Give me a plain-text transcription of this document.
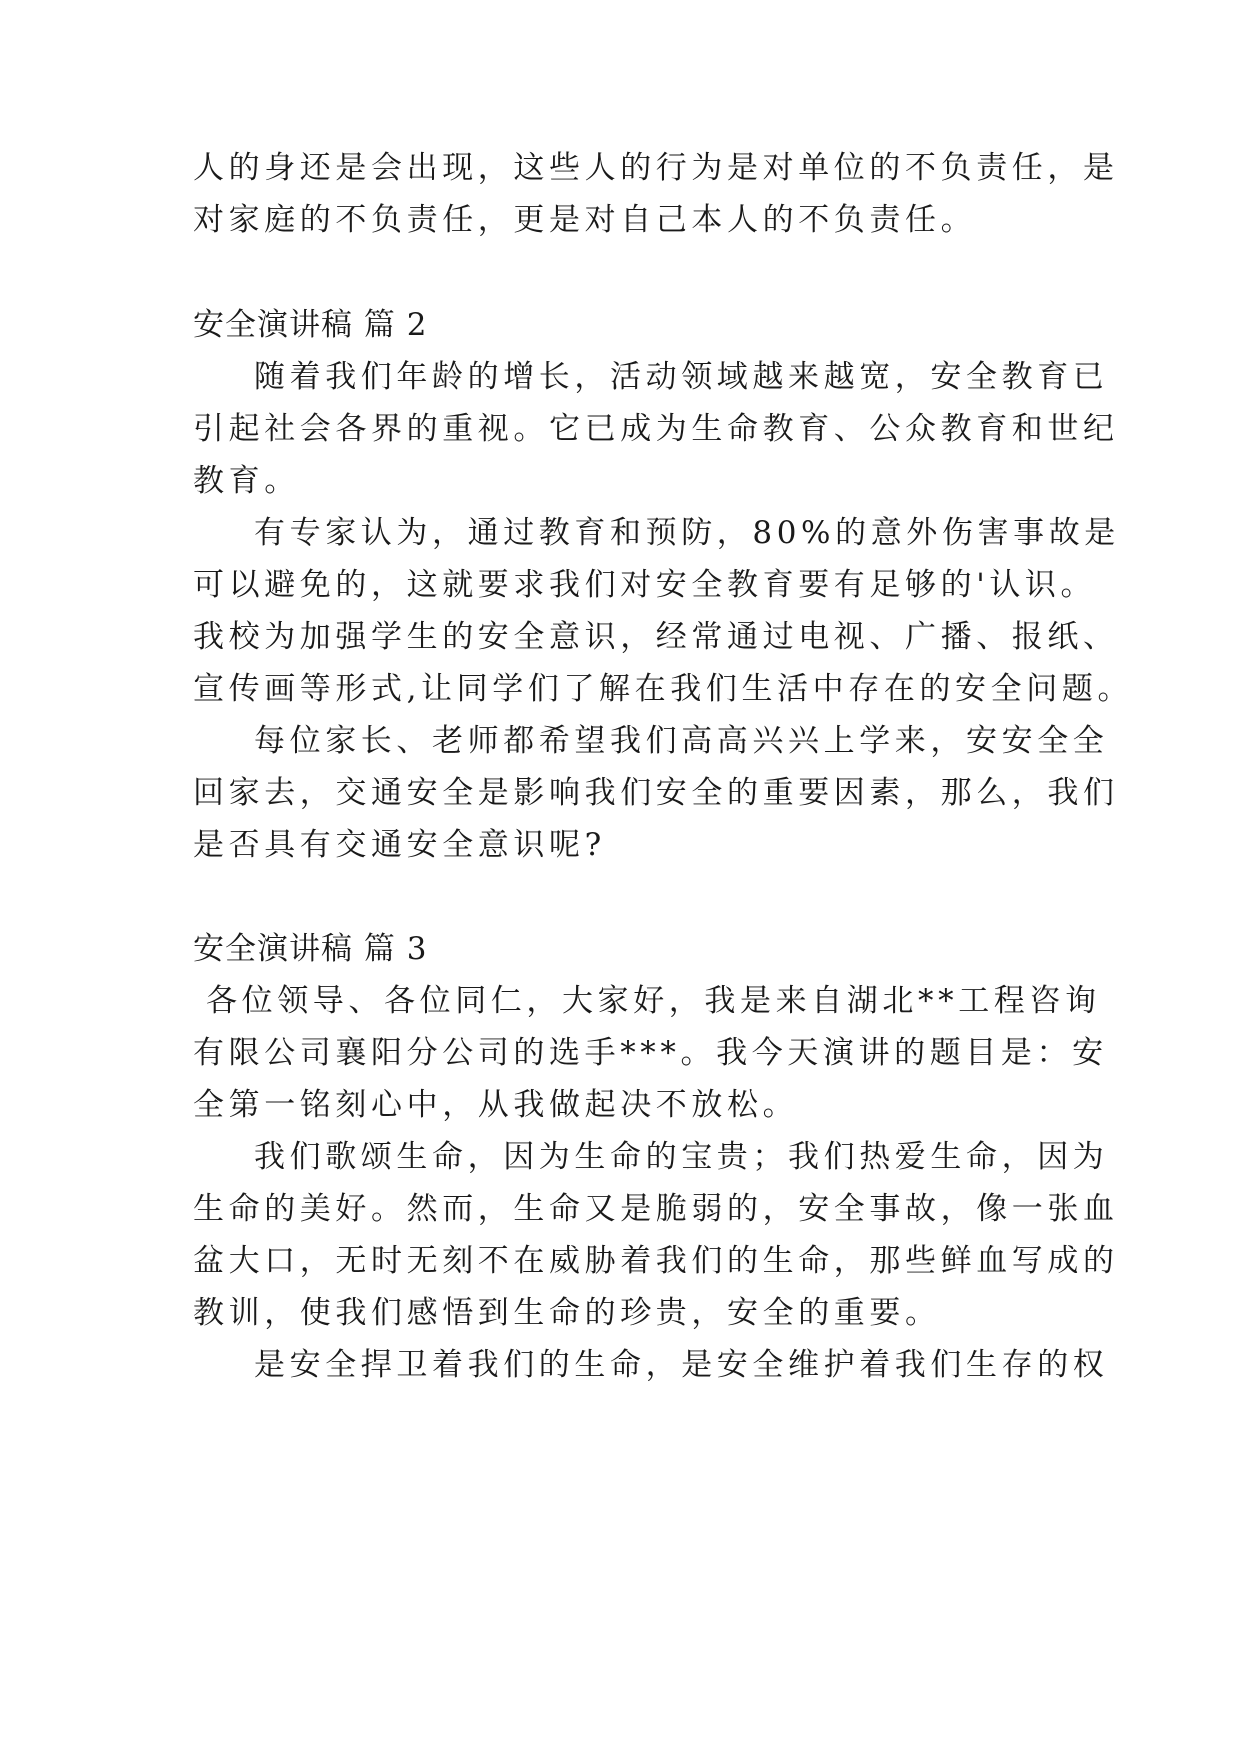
人的身还是会出现，这些人的行为是对单位的不负责任，是
对家庭的不负责任，更是对自己本人的不负责任。
安全演讲稿 篇 2
随着我们年龄的增长，活动领域越来越宽，安全教育已
引起社会各界的重视。它已成为生命教育、公众教育和世纪
教育。
有专家认为，通过教育和预防，80%的意外伤害事故是
可以避免的，这就要求我们对安全教育要有足够的'认识。
我校为加强学生的安全意识，经常通过电视、广播、报纸、
宣传画等形式,让同学们了解在我们生活中存在的安全问题。
每位家长、老师都希望我们高高兴兴上学来，安安全全
回家去，交通安全是影响我们安全的重要因素，那么，我们
是否具有交通安全意识呢?
安全演讲稿 篇 3
各位领导、各位同仁，大家好，我是来自湖北**工程咨询
有限公司襄阳分公司的选手***。我今天演讲的题目是：安
全第一铭刻心中，从我做起决不放松。
我们歌颂生命，因为生命的宝贵；我们热爱生命，因为
生命的美好。然而，生命又是脆弱的，安全事故，像一张血
盆大口，无时无刻不在威胁着我们的生命，那些鲜血写成的
教训，使我们感悟到生命的珍贵，安全的重要。
是安全捍卫着我们的生命，是安全维护着我们生存的权
